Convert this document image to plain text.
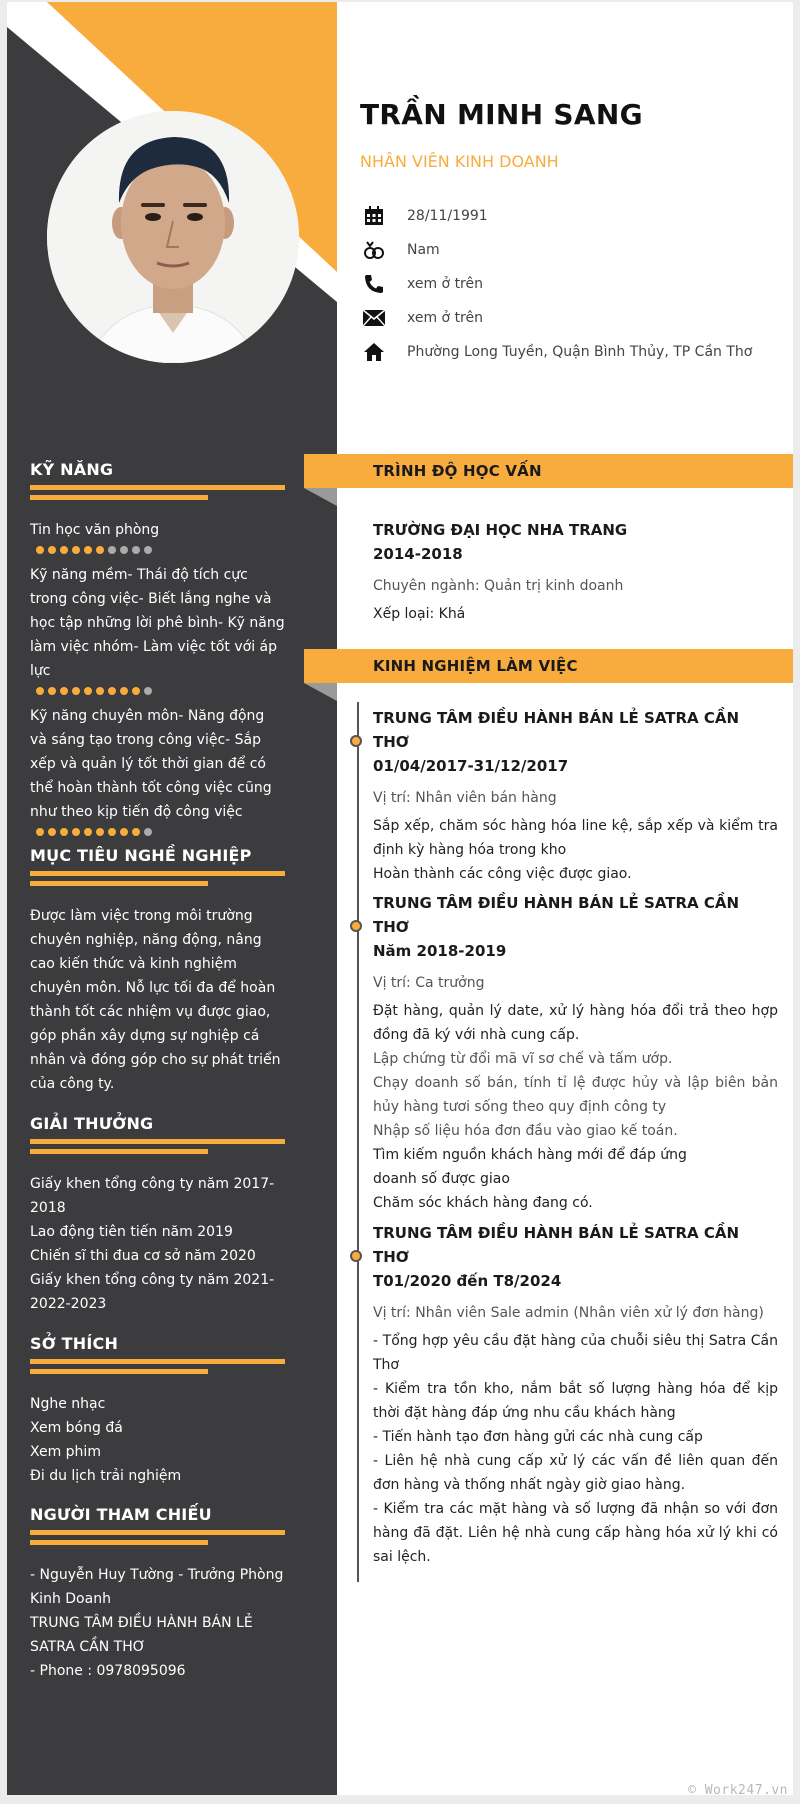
KỸ NĂNG
Tin học văn phòng
Kỹ năng mềm- Thái độ tích cực trong công việc- Biết lắng nghe và học tập những lời phê bình- Kỹ năng làm việc nhóm- Làm việc tốt với áp lực
Kỹ năng chuyên môn- Năng động và sáng tạo trong công việc- Sắp xếp và quản lý tốt thời gian để có thể hoàn thành tốt công việc cũng như theo kịp tiến độ công việc
MỤC TIÊU NGHỀ NGHIỆP
Được làm việc trong môi trường chuyên nghiệp, năng động, nâng cao kiến thức và kinh nghiệm chuyên môn. Nỗ lực tối đa để hoàn thành tốt các nhiệm vụ được giao, góp phần xây dựng sự nghiệp cá nhân và đóng góp cho sự phát triển của công ty.
GIẢI THƯỞNG
Giấy khen tổng công ty năm 2017-2018
Lao động tiên tiến năm 2019
Chiến sĩ thi đua cơ sở năm 2020
Giấy khen tổng công ty năm 2021-2022-2023
SỞ THÍCH
Nghe nhạc
Xem bóng đá
Xem phim
Đi du lịch trải nghiệm
NGƯỜI THAM CHIẾU
- Nguyễn Huy Tường - Trưởng Phòng Kinh Doanh
TRUNG TÂM ĐIỀU HÀNH BÁN LẺ SATRA CẦN THƠ
- Phone : 0978095096
TRẦN MINH SANG
NHÂN VIÊN KINH DOANH
28/11/1991
Nam
xem ở trên
xem ở trên
Phường Long Tuyền, Quận Bình Thủy, TP Cần Thơ
TRÌNH ĐỘ HỌC VẤN
TRƯỜNG ĐẠI HỌC NHA TRANG
2014-2018
Chuyên ngành: Quản trị kinh doanh
Xếp loại: Khá
KINH NGHIỆM LÀM VIỆC
TRUNG TÂM ĐIỀU HÀNH BÁN LẺ SATRA CẦN THƠ
01/04/2017-31/12/2017
Vị trí: Nhân viên bán hàng
Sắp xếp, chăm sóc hàng hóa line kệ, sắp xếp và kiểm tra định kỳ hàng hóa trong kho
Hoàn thành các công việc được giao.
TRUNG TÂM ĐIỀU HÀNH BÁN LẺ SATRA CẦN THƠ
Năm 2018-2019
Vị trí: Ca trưởng
Đặt hàng, quản lý date, xử lý hàng hóa đổi trả theo hợp đồng đã ký với nhà cung cấp.
Lập chứng từ đổi mã vĩ sơ chế và tấm ướp.
Chạy doanh số bán, tính tỉ lệ được hủy và lập biên bản hủy hàng tươi sống theo quy định công ty
Nhập số liệu hóa đơn đầu vào giao kế toán.
Tìm kiếm nguồn khách hàng mới để đáp ứng doanh số được giao
Chăm sóc khách hàng đang có.
TRUNG TÂM ĐIỀU HÀNH BÁN LẺ SATRA CẦN THƠ
T01/2020 đến T8/2024
Vị trí: Nhân viên Sale admin (Nhân viên xử lý đơn hàng)
- Tổng hợp yêu cầu đặt hàng của chuỗi siêu thị Satra Cần Thơ
- Kiểm tra tồn kho, nắm bắt số lượng hàng hóa để kịp thời đặt hàng đáp ứng nhu cầu khách hàng
- Tiến hành tạo đơn hàng gửi các nhà cung cấp
- Liên hệ nhà cung cấp xử lý các vấn đề liên quan đến đơn hàng và thống nhất ngày giờ giao hàng.
- Kiểm tra các mặt hàng và số lượng đã nhận so với đơn hàng đã đặt. Liên hệ nhà cung cấp hàng hóa xử lý khi có sai lệch.
© Work247.vn
